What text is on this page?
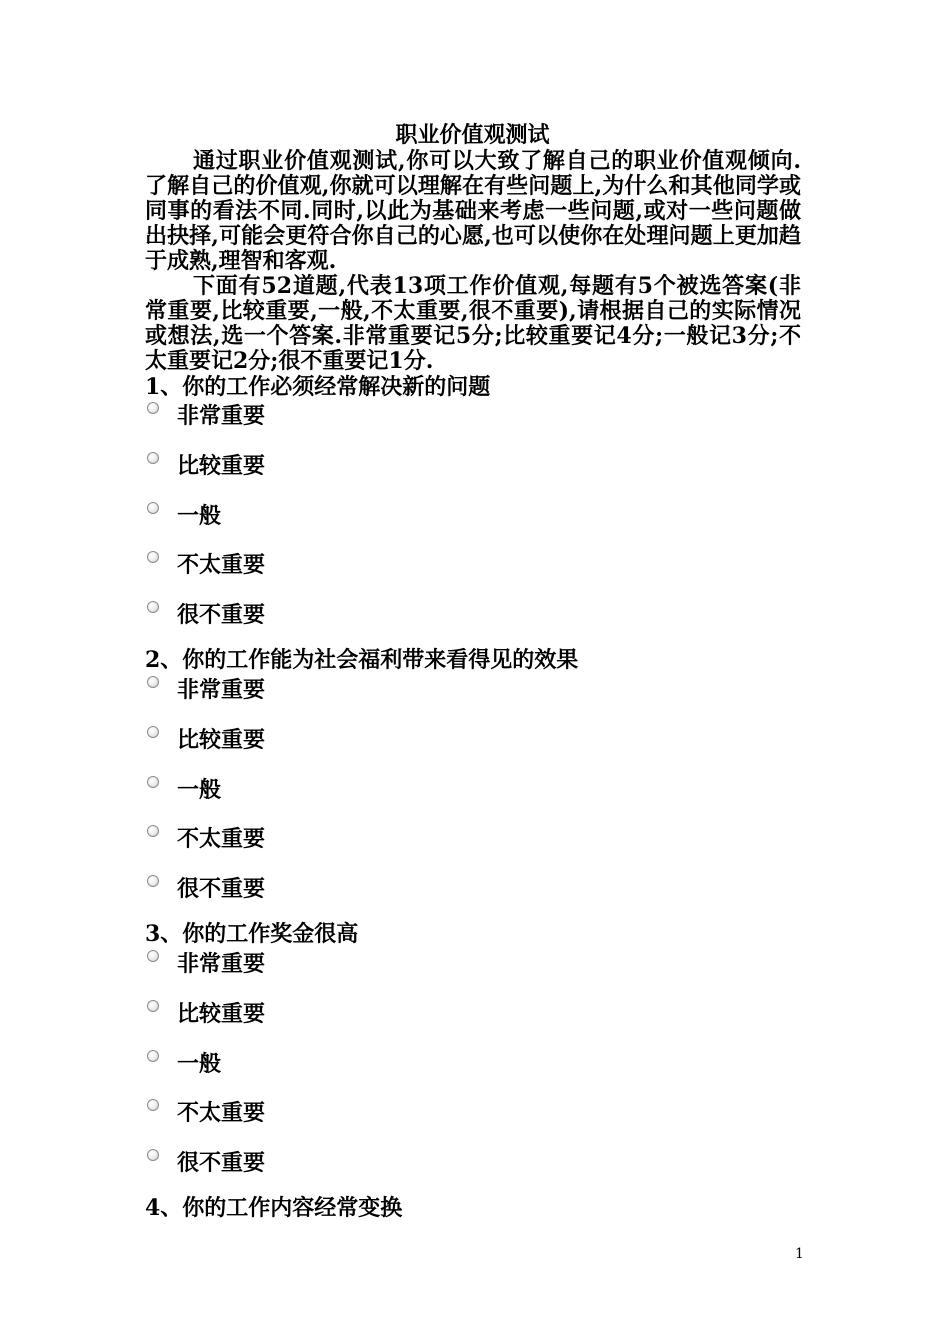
职业价值观测试

通过职业价值观测试,你可以大致了解自己的职业价值观倾向. 了解自己的价值观,你就可以理解在有些问题上,为什么和其他同学或同事的看法不同.同时,以此为基础来考虑一些问题,或对一些问题做出抉择,可能会更符合你自己的心愿,也可以使你在处理问题上更加趋于成熟,理智和客观.

下面有52道题,代表13项工作价值观,每题有5个被选答案(非常重要,比较重要,一般,不太重要,很不重要),请根据自己的实际情况或想法,选一个答案.非常重要记5分;比较重要记4分;一般记3分;不太重要记2分;很不重要记1分.

1、你的工作必须经常解决新的问题
非常重要
比较重要
一般
不太重要
很不重要
2、你的工作能为社会福利带来看得见的效果
非常重要
比较重要
一般
不太重要
很不重要
3、你的工作奖金很高
非常重要
比较重要
一般
不太重要
很不重要
4、你的工作内容经常变换
1
